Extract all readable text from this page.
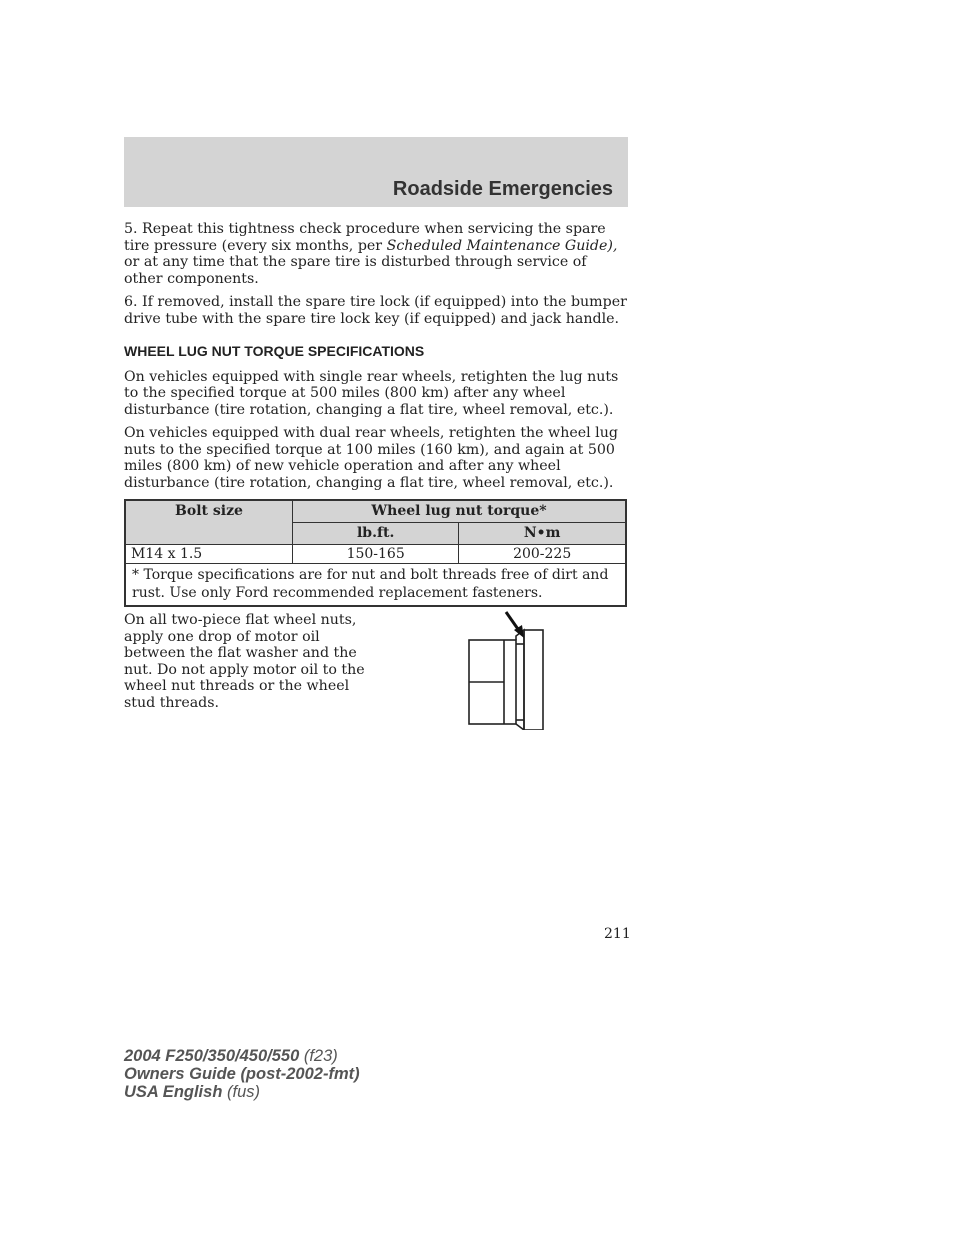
Roadside Emergencies

5. Repeat this tightness check procedure when servicing the spare tire pressure (every six months, per Scheduled Maintenance Guide), or at any time that the spare tire is disturbed through service of other components.

6. If removed, install the spare tire lock (if equipped) into the bumper drive tube with the spare tire lock key (if equipped) and jack handle.

WHEEL LUG NUT TORQUE SPECIFICATIONS

On vehicles equipped with single rear wheels, retighten the lug nuts to the specified torque at 500 miles (800 km) after any wheel disturbance (tire rotation, changing a flat tire, wheel removal, etc.).

On vehicles equipped with dual rear wheels, retighten the wheel lug nuts to the specified torque at 100 miles (160 km), and again at 500 miles (800 km) of new vehicle operation and after any wheel disturbance (tire rotation, changing a flat tire, wheel removal, etc.).

Bolt size	Wheel lug nut torque*	
	lb.ft.	N•m
M14 x 1.5	150-165	200-225
* Torque specifications are for nut and bolt threads free of dirt and rust. Use only Ford recommended replacement fasteners.		

On all two-piece flat wheel nuts, apply one drop of motor oil between the flat washer and the nut. Do not apply motor oil to the wheel nut threads or the wheel stud threads.

211

2004 F250/350/450/550 (f23)
Owners Guide (post-2002-fmt)
USA English (fus)
